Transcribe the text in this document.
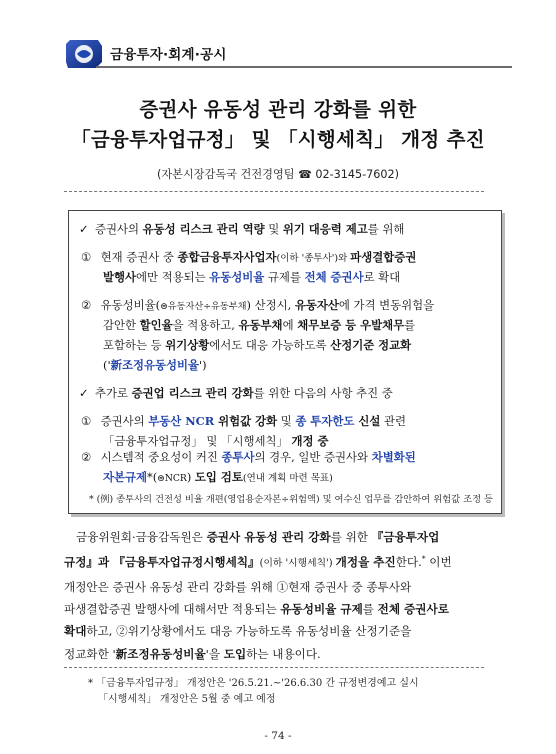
금융투자·회계·공시
증권사 유동성 관리 강화를 위한
「금융투자업규정」 및 「시행세칙」 개정 추진
(자본시장감독국 건전경영팀 ☎ 02-3145-7602)
✓ 증권사의 유동성 리스크 관리 역량 및 위기 대응력 제고를 위해
① 현재 증권사 중 종합금융투자사업자(이하 '종투사')와 파생결합증권
발행사에만 적용되는 유동성비율 규제를 전체 증권사로 확대
② 유동성비율(⊜유동자산÷유동부채) 산정시, 유동자산에 가격 변동위험을
감안한 할인율을 적용하고, 유동부채에 채무보증 등 우발채무를
포함하는 등 위기상황에서도 대응 가능하도록 산정기준 정교화
('新조정유동성비율')
✓ 추가로 증권업 리스크 관리 강화를 위한 다음의 사항 추진 중
① 증권사의 부동산 NCR 위험값 강화 및 종 투자한도 신설 관련
「금융투자업규정」 및 「시행세칙」 개정 중
② 시스템적 중요성이 커진 종투사의 경우, 일반 증권사와 차별화된
자본규제*(⊜NCR) 도입 검토(연내 계획 마련 목표)
* (例) 종투사의 건전성 비율 개편(영업용순자본÷위험액) 및 여수신 업무를 감안하여 위험값 조정 등

금융위원회·금융감독원은 증권사 유동성 관리 강화를 위한 『금융투자업

규정』과 『금융투자업규정시행세칙』(이하 '시행세칙') 개정을 추진한다.* 이번

개정안은 증권사 유동성 관리 강화를 위해 ①현재 증권사 중 종투사와

파생결합증권 발행사에 대해서만 적용되는 유동성비율 규제를 전체 증권사로

확대하고, ②위기상황에서도 대응 가능하도록 유동성비율 산정기준을

정교화한 '新조정유동성비율'을 도입하는 내용이다.

* 「금융투자업규정」 개정안은 '26.5.21.~'26.6.30 간 규정변경예고 실시
「시행세칙」 개정안은 5월 중 예고 예정
- 74 -
